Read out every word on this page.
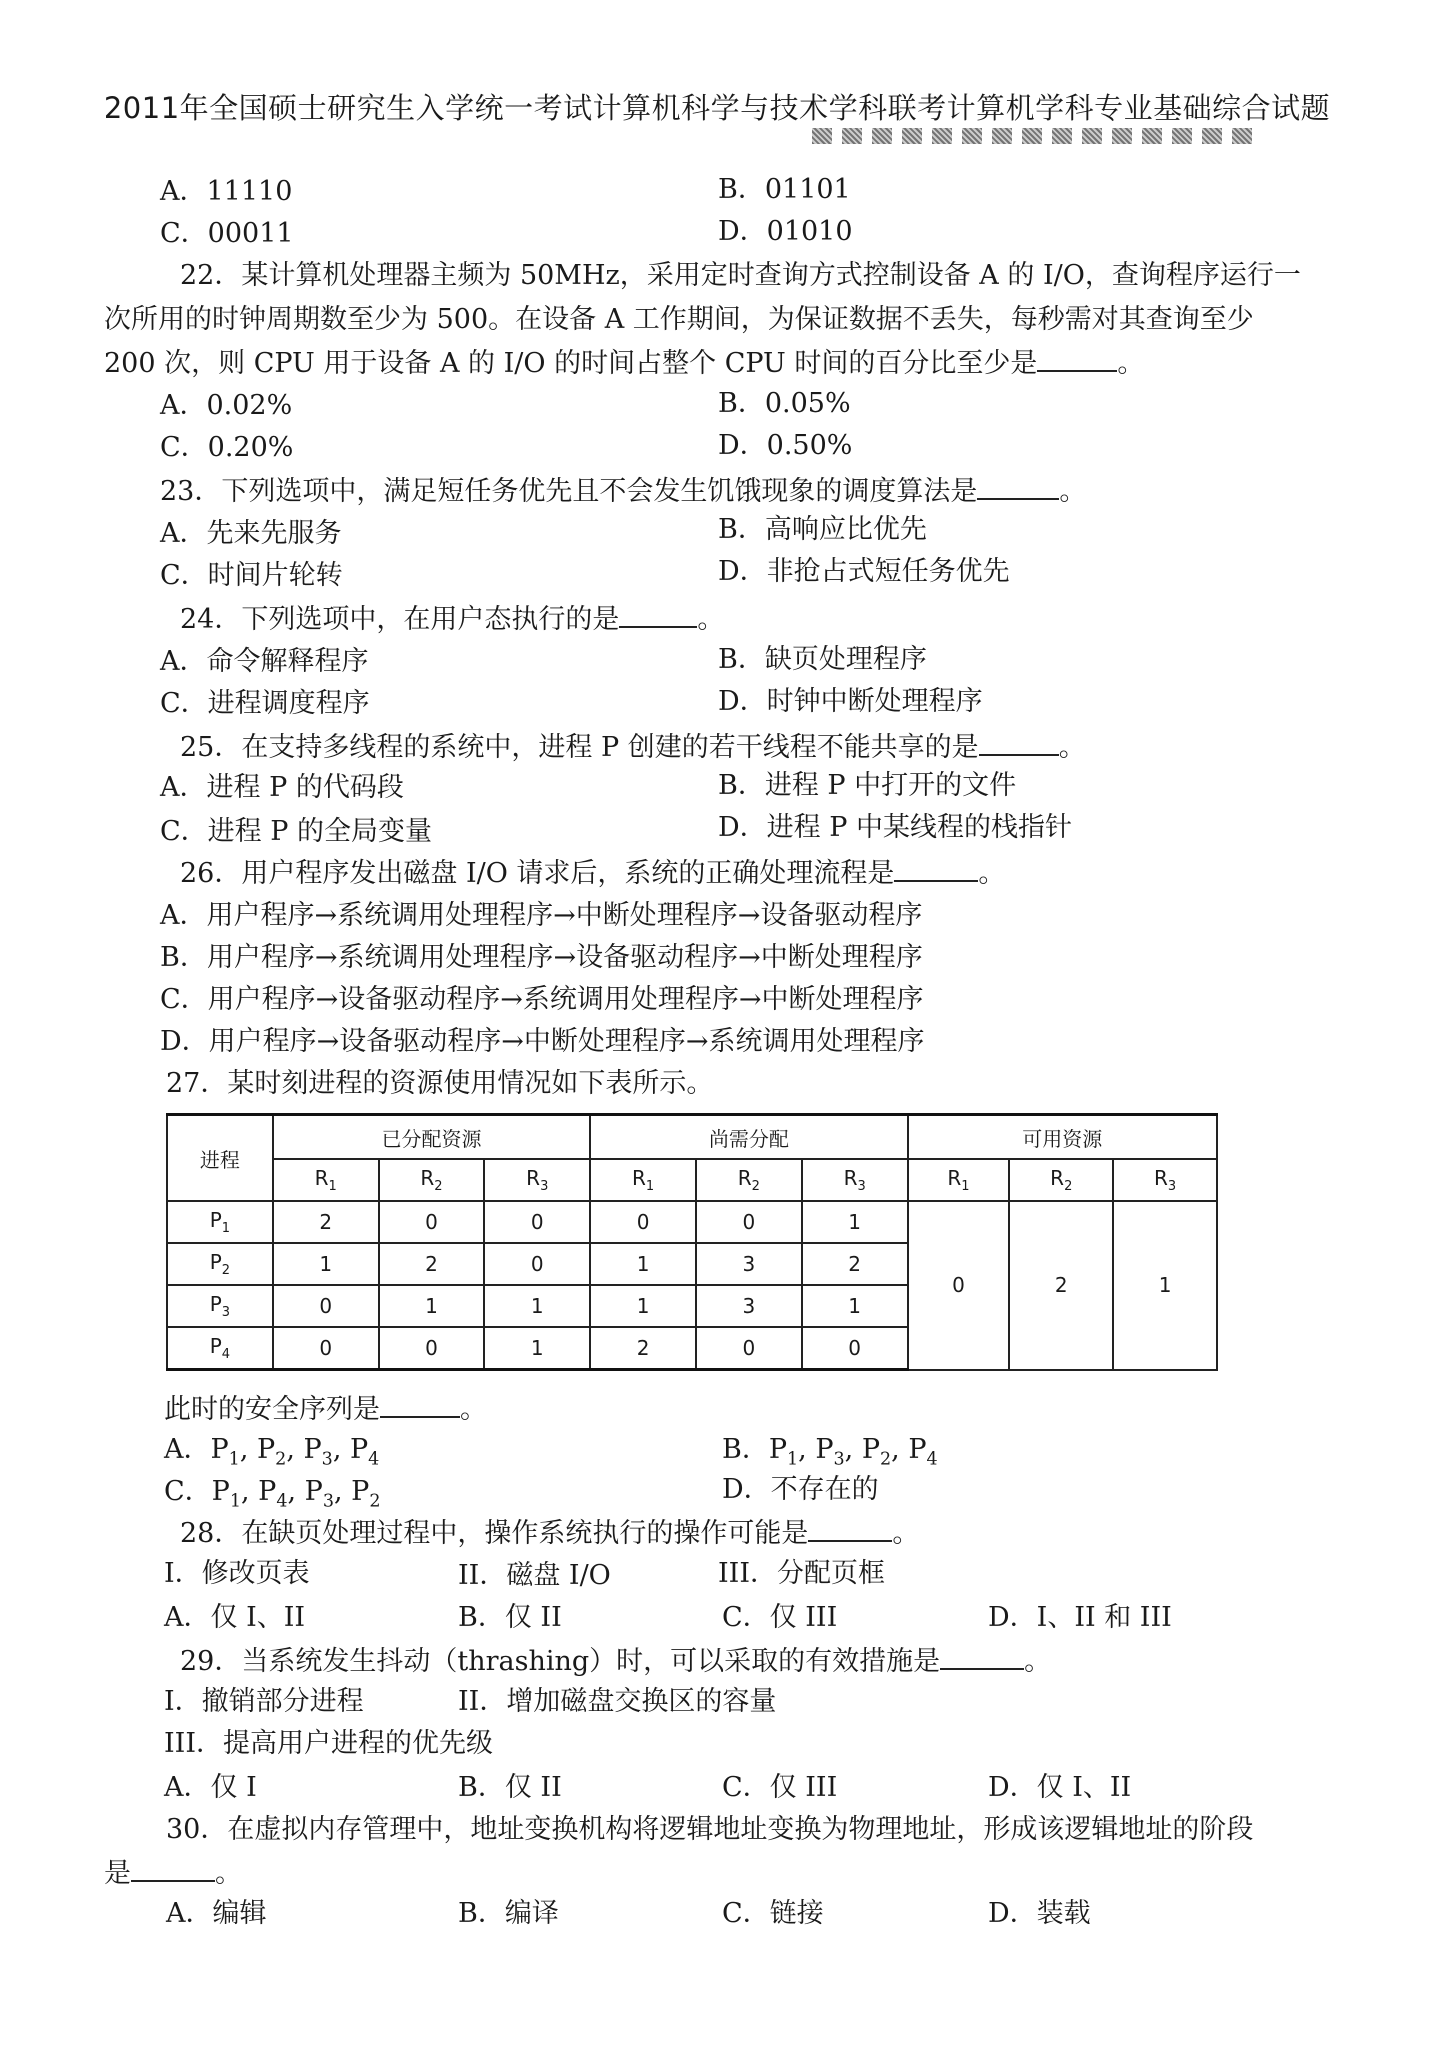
2011年全国硕士研究生入学统一考试计算机科学与技术学科联考计算机学科专业基础综合试题
A．11110	B．01101
C．00011	D．01010
22．某计算机处理器主频为 50MHz，采用定时查询方式控制设备 A 的 I/O，查询程序运行一
次所用的时钟周期数至少为 500。在设备 A 工作期间，为保证数据不丢失，每秒需对其查询至少
200 次，则 CPU 用于设备 A 的 I/O 的时间占整个 CPU 时间的百分比至少是	。
A．0.02%	B．0.05%
C．0.20%	D．0.50%
23．下列选项中，满足短任务优先且不会发生饥饿现象的调度算法是	。
A．先来先服务	B．高响应比优先
C．时间片轮转	D．非抢占式短任务优先
24．下列选项中，在用户态执行的是	。
A．命令解释程序	B．缺页处理程序
C．进程调度程序	D．时钟中断处理程序
25．在支持多线程的系统中，进程 P 创建的若干线程不能共享的是	。
A．进程 P 的代码段	B．进程 P 中打开的文件
C．进程 P 的全局变量	D．进程 P 中某线程的栈指针
26．用户程序发出磁盘 I/O 请求后，系统的正确处理流程是	。
A．用户程序→系统调用处理程序→中断处理程序→设备驱动程序
B．用户程序→系统调用处理程序→设备驱动程序→中断处理程序
C．用户程序→设备驱动程序→系统调用处理程序→中断处理程序
D．用户程序→设备驱动程序→中断处理程序→系统调用处理程序
27．某时刻进程的资源使用情况如下表所示。
进程	已分配资源			尚需分配			可用资源		
	$R_1$	$R_2$	$R_3$	$R_1$	$R_2$	$R_3$	$R_1$	$R_2$	$R_3$
$P_1$	2	0	0	0	0	1	0	2	1
$P_2$	1	2	0	1	3	2			
$P_3$	0	1	1	1	3	1			
$P_4$	0	0	1	2	0	0			
此时的安全序列是	。
A．$P_1$, $P_2$, $P_3$, $P_4$	B．$P_1$, $P_3$, $P_2$, $P_4$
C．$P_1$, $P_4$, $P_3$, $P_2$	D．不存在的
28．在缺页处理过程中，操作系统执行的操作可能是	。
I．修改页表	II．磁盘 I/O	III．分配页框
A．仅 I、II	B．仅 II	C．仅 III	D．I、II 和 III
29．当系统发生抖动（thrashing）时，可以采取的有效措施是	。
I．撤销部分进程	II．增加磁盘交换区的容量
III．提高用户进程的优先级
A．仅 I	B．仅 II	C．仅 III	D．仅 I、II
30．在虚拟内存管理中，地址变换机构将逻辑地址变换为物理地址，形成该逻辑地址的阶段
是	。
A．编辑	B．编译	C．链接	D．装载
